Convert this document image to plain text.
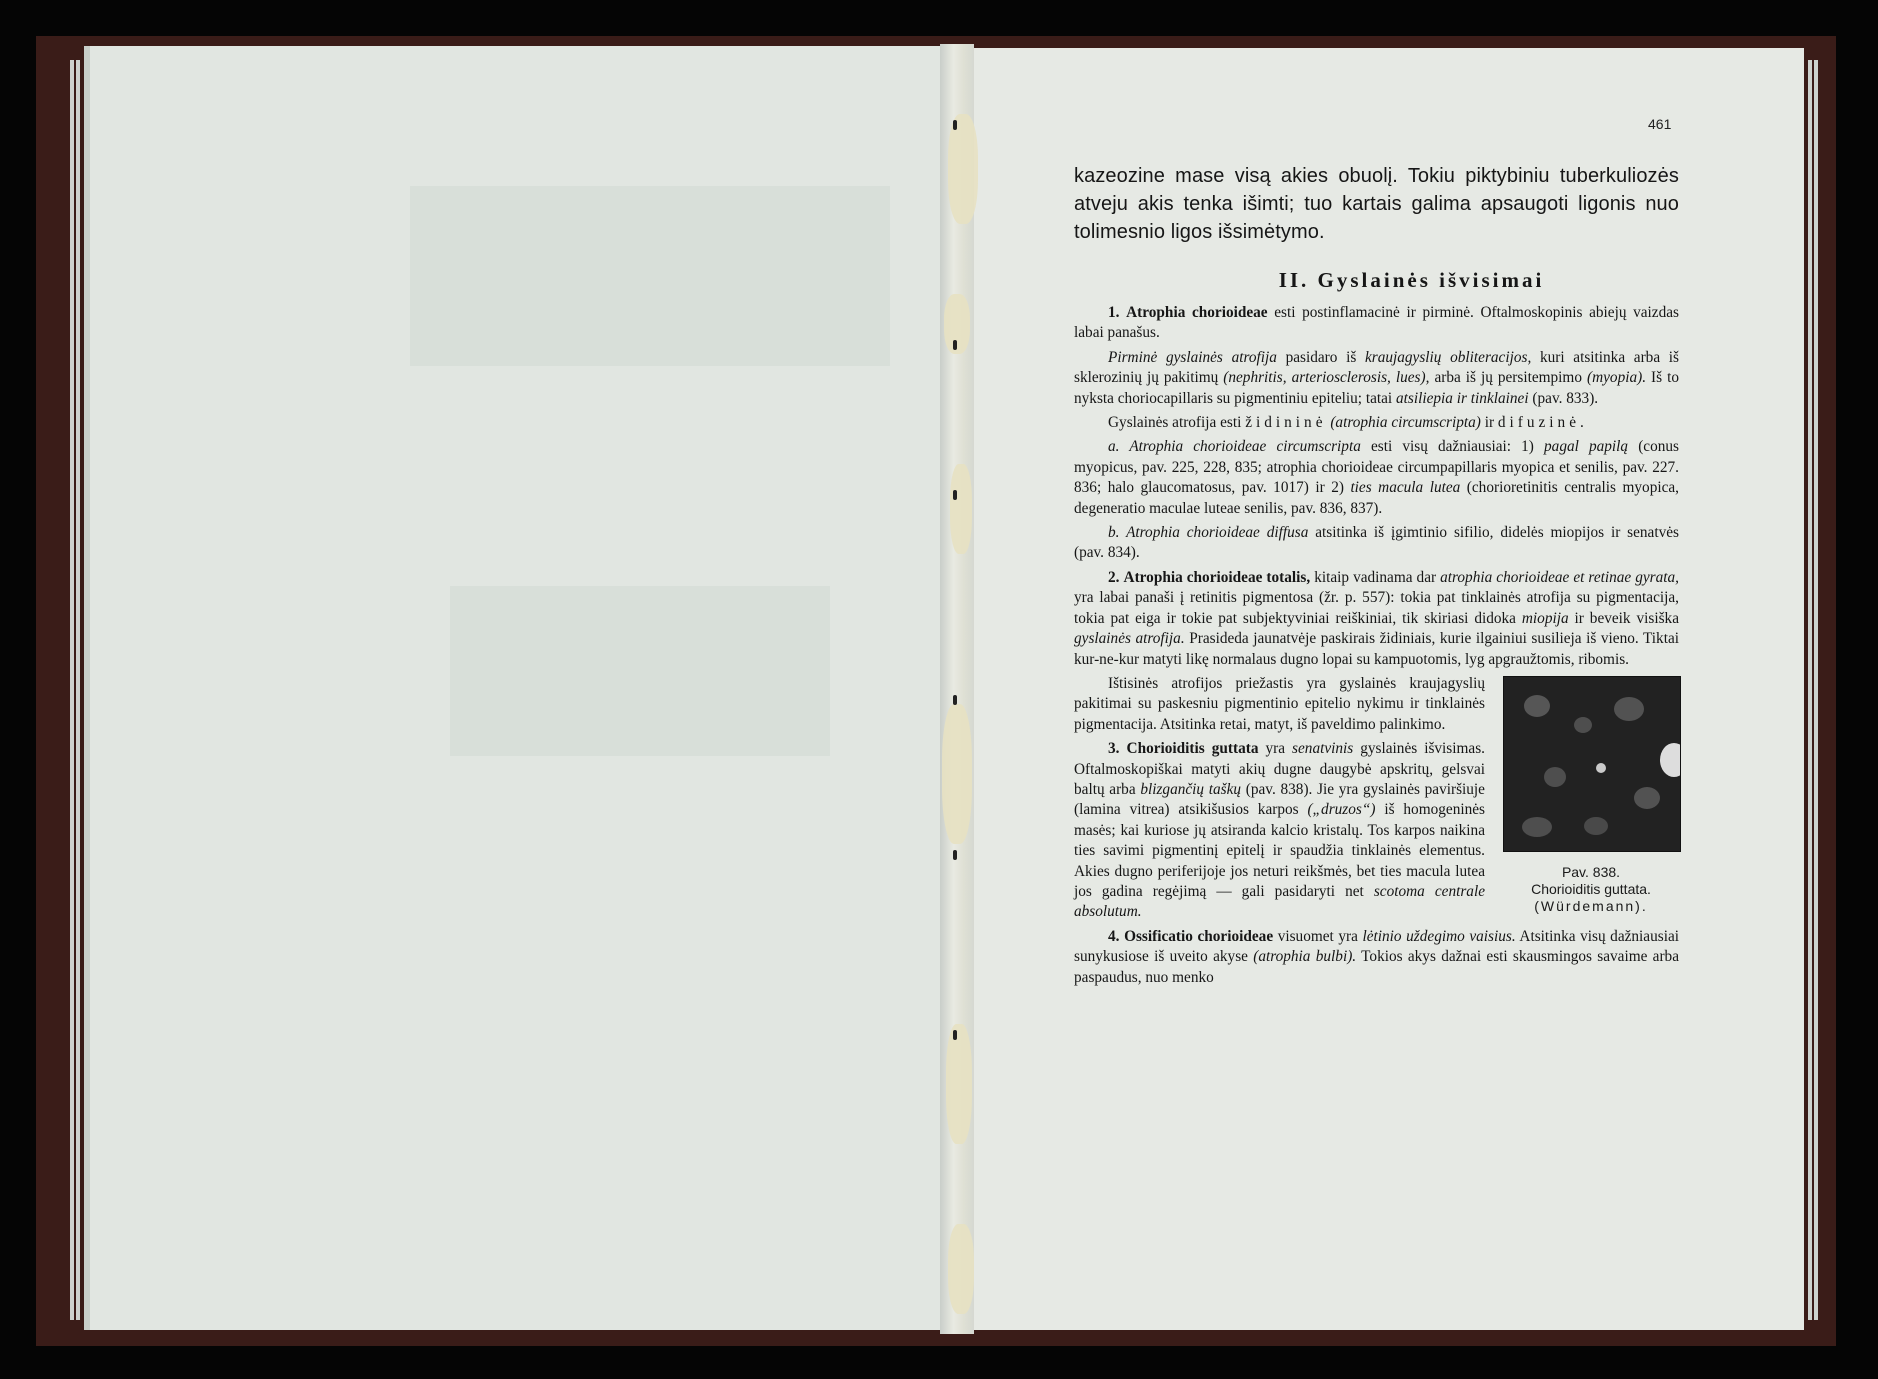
461

kazeozine mase visą akies obuolį. Tokiu piktybiniu tuberkuliozės atveju akis tenka išimti; tuo kartais galima apsaugoti ligonis nuo tolimesnio ligos išsimėtymo.

II. Gyslainės išvisimai

1. Atrophia chorioideae esti postinflamacinė ir pirminė. Oftalmoskopinis abiejų vaizdas labai panašus.

Pirminė gyslainės atrofija pasidaro iš kraujagyslių obliteracijos, kuri atsitinka arba iš sklerozinių jų pakitimų (nephritis, arteriosclerosis, lues), arba iš jų persitempimo (myopia). Iš to nyksta choriocapillaris su pigmentiniu epiteliu; tatai atsiliepia ir tinklainei (pav. 833).

Gyslainės atrofija esti židininė (atrophia circumscripta) ir difuzinė.

a. Atrophia chorioideae circumscripta esti visų dažniausiai: 1) pagal papilą (conus myopicus, pav. 225, 228, 835; atrophia chorioideae circumpapillaris myopica et senilis, pav. 227. 836; halo glaucomatosus, pav. 1017) ir 2) ties macula lutea (chorioretinitis centralis myopica, degeneratio maculae luteae senilis, pav. 836, 837).

b. Atrophia chorioideae diffusa atsitinka iš įgimtinio sifilio, didelės miopijos ir senatvės (pav. 834).

2. Atrophia chorioideae totalis, kitaip vadinama dar atrophia chorioideae et retinae gyrata, yra labai panaši į retinitis pigmentosa (žr. p. 557): tokia pat tinklainės atrofija su pigmentacija, tokia pat eiga ir tokie pat subjektyviniai reiškiniai, tik skiriasi didoka miopija ir beveik visiška gyslainės atrofija. Prasideda jaunatvėje paskirais židiniais, kurie ilgainiui susilieja iš vieno. Tiktai kur-ne-kur matyti likę normalaus dugno lopai su kampuotomis, lyg apgraužtomis, ribomis.

Pav. 838.
Chorioiditis guttata.
(Würdemann).

Ištisinės atrofijos priežastis yra gyslainės kraujagyslių pakitimai su paskesniu pigmentinio epitelio nykimu ir tinklainės pigmentacija. Atsitinka retai, matyt, iš paveldimo palinkimo.

3. Chorioiditis guttata yra senatvinis gyslainės išvisimas. Oftalmoskopiškai matyti akių dugne daugybė apskritų, gelsvai baltų arba blizgančių taškų (pav. 838). Jie yra gyslainės paviršiuje (lamina vitrea) atsikišusios karpos („druzos“) iš homogeninės masės; kai kuriose jų atsiranda kalcio kristalų. Tos karpos naikina ties savimi pigmentinį epitelį ir spaudžia tinklainės elementus. Akies dugno periferijoje jos neturi reikšmės, bet ties macula lutea jos gadina regėjimą — gali pasidaryti net scotoma centrale absolutum.

4. Ossificatio chorioideae visuomet yra lėtinio uždegimo vaisius. Atsitinka visų dažniausiai sunykusiose iš uveito akyse (atrophia bulbi). Tokios akys dažnai esti skausmingos savaime arba paspaudus, nuo menko
